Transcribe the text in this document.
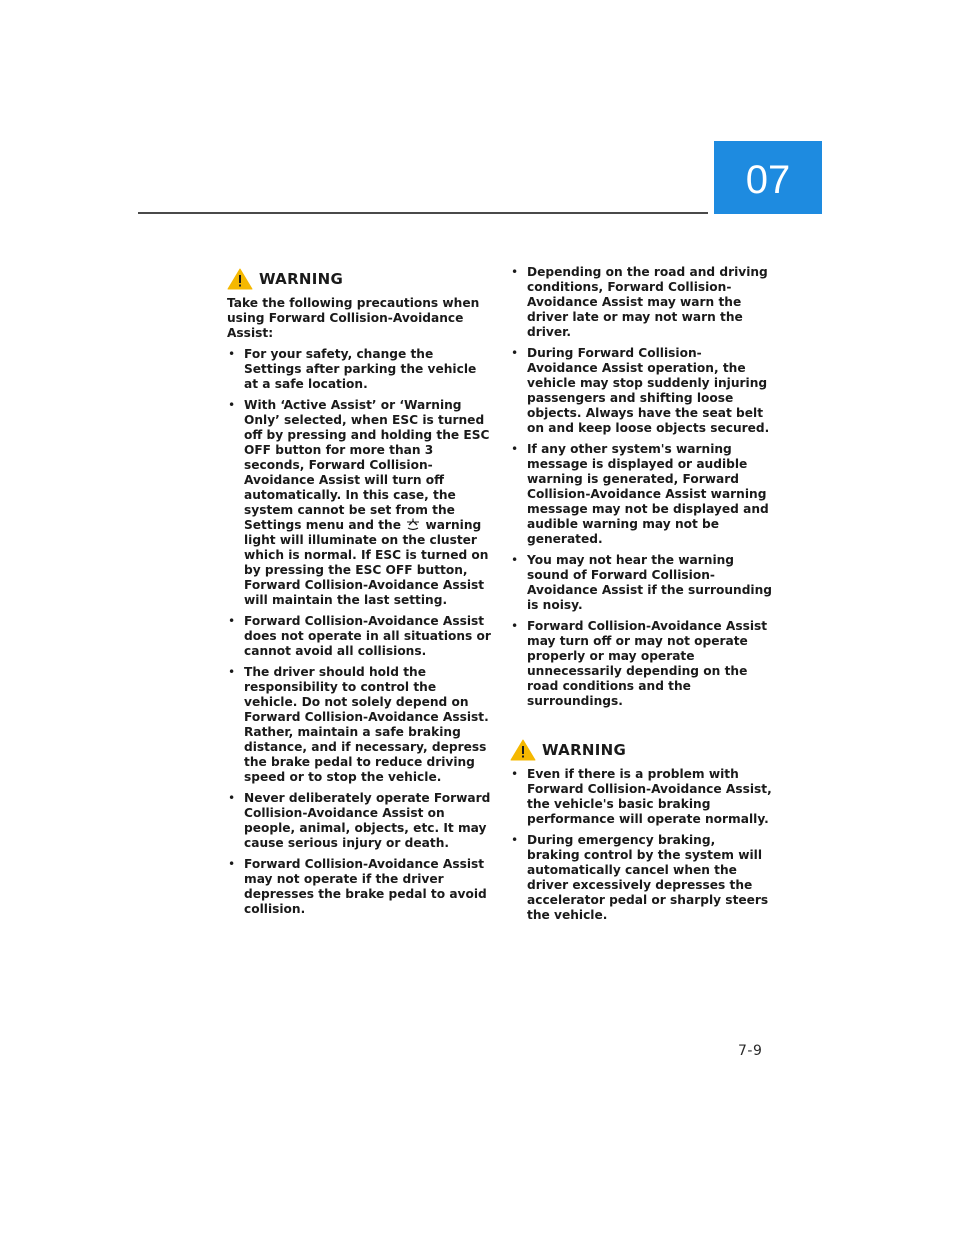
07
WARNING

Take the following precautions when using Forward Collision-Avoidance Assist:

• For your safety, change the Settings after parking the vehicle at a safe location.
• With ‘Active Assist’ or ‘Warning Only’ selected, when ESC is turned off by pressing and holding the ESC OFF button for more than 3 seconds, Forward Collision-Avoidance Assist will turn off automatically. In this case, the system cannot be set from the Settings menu and the warning light will illuminate on the cluster which is normal. If ESC is turned on by pressing the ESC OFF button, Forward Collision-Avoidance Assist will maintain the last setting.
• Forward Collision-Avoidance Assist does not operate in all situations or cannot avoid all collisions.
• The driver should hold the responsibility to control the vehicle. Do not solely depend on Forward Collision-Avoidance Assist. Rather, maintain a safe braking distance, and if necessary, depress the brake pedal to reduce driving speed or to stop the vehicle.
• Never deliberately operate Forward Collision-Avoidance Assist on people, animal, objects, etc. It may cause serious injury or death.
• Forward Collision-Avoidance Assist may not operate if the driver depresses the brake pedal to avoid collision.
• Depending on the road and driving conditions, Forward Collision-Avoidance Assist may warn the driver late or may not warn the driver.
• During Forward Collision-Avoidance Assist operation, the vehicle may stop suddenly injuring passengers and shifting loose objects. Always have the seat belt on and keep loose objects secured.
• If any other system's warning message is displayed or audible warning is generated, Forward Collision-Avoidance Assist warning message may not be displayed and audible warning may not be generated.
• You may not hear the warning sound of Forward Collision-Avoidance Assist if the surrounding is noisy.
• Forward Collision-Avoidance Assist may turn off or may not operate properly or may operate unnecessarily depending on the road conditions and the surroundings.
WARNING
• Even if there is a problem with Forward Collision-Avoidance Assist, the vehicle's basic braking performance will operate normally.
• During emergency braking, braking control by the system will automatically cancel when the driver excessively depresses the accelerator pedal or sharply steers the vehicle.
7-9
